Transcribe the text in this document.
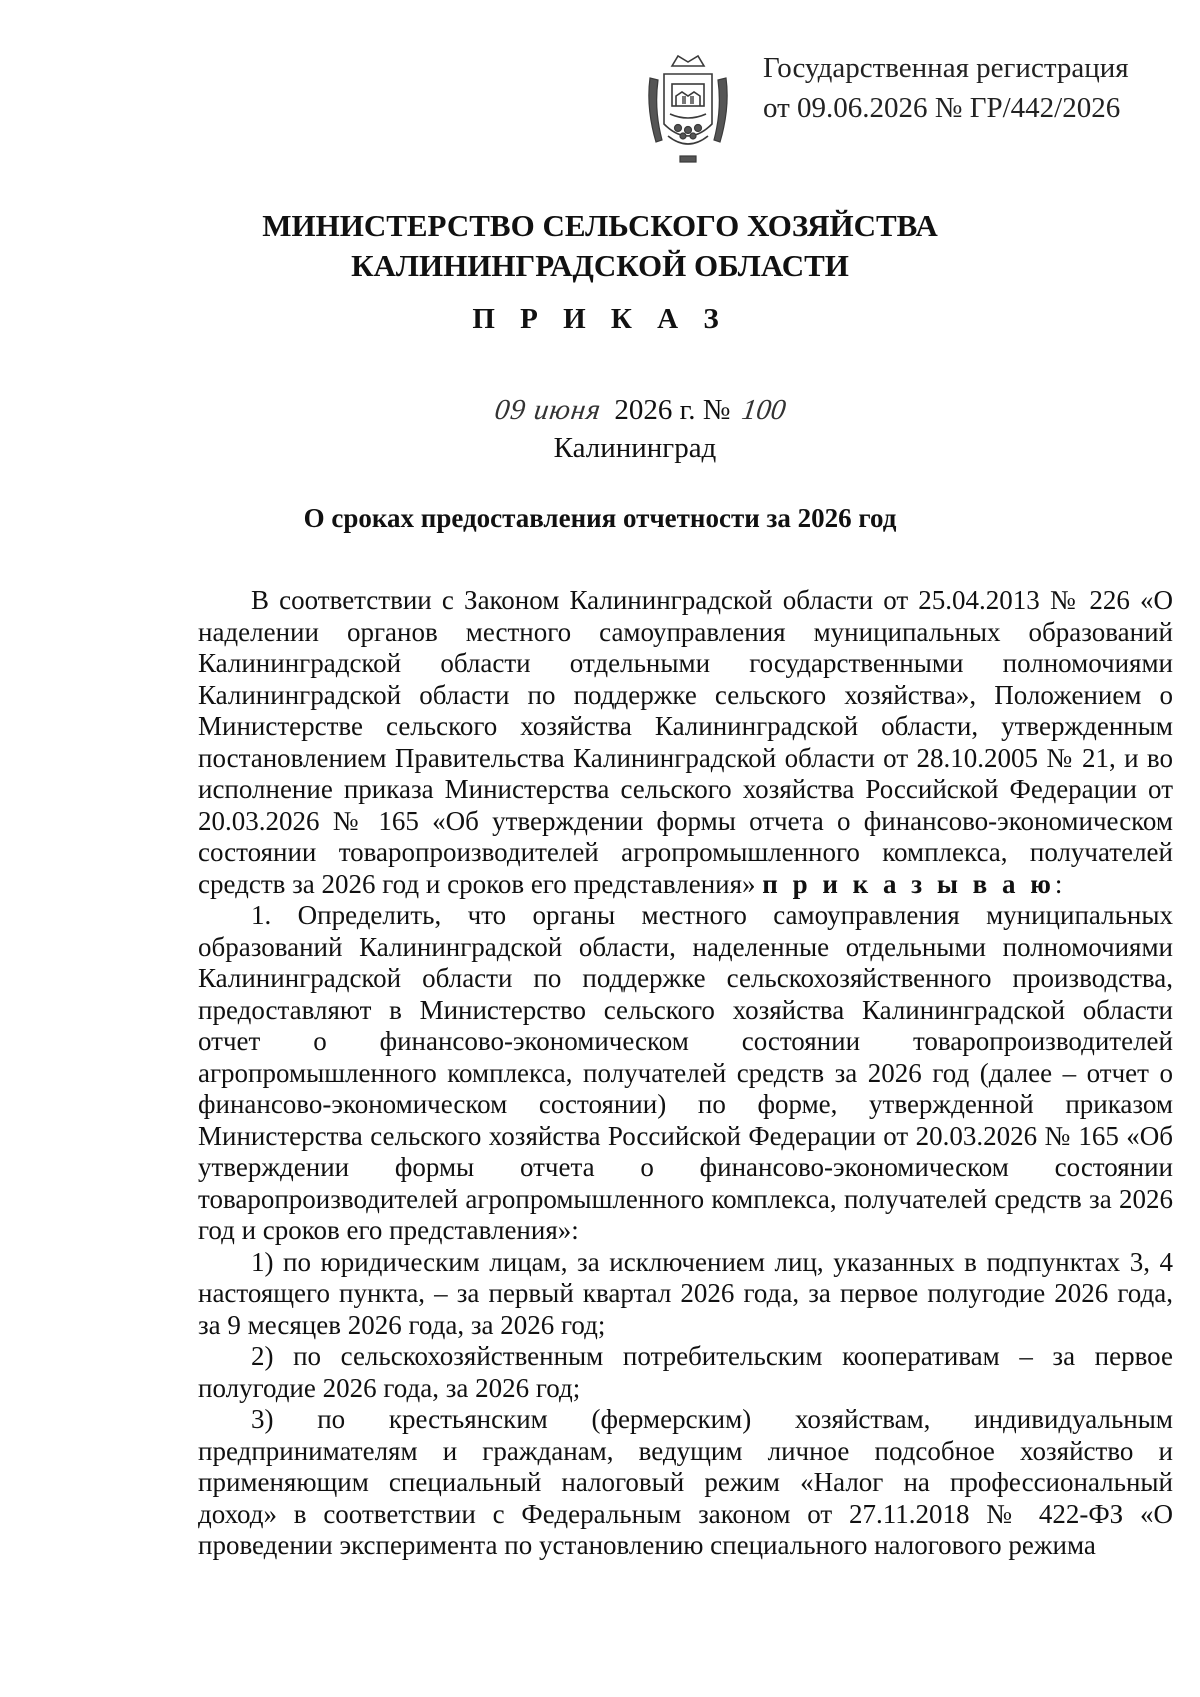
Государственная регистрация
от 09.06.2026 № ГР/442/2026
МИНИСТЕРСТВО СЕЛЬСКОГО ХОЗЯЙСТВА
КАЛИНИНГРАДСКОЙ ОБЛАСТИ
П Р И К А З
09 июня 2026 г. № 100
Калининград
О сроках предоставления отчетности за 2026 год

В соответствии с Законом Калининградской области от 25.04.2013 № 226 «О наделении органов местного самоуправления муниципальных образований Калининградской области отдельными государственными полномочиями Калининградской области по поддержке сельского хозяйства», Положением о Министерстве сельского хозяйства Калининградской области, утвержденным постановлением Правительства Калининградской области от 28.10.2005 № 21, и во исполнение приказа Министерства сельского хозяйства Российской Федерации от 20.03.2026 № 165 «Об утверждении формы отчета о финансово-экономическом состоянии товаропроизводителей агропромышленного комплекса, получателей средств за 2026 год и сроков его представления» п р и к а з ы в а ю:

1. Определить, что органы местного самоуправления муниципальных образований Калининградской области, наделенные отдельными полномочиями Калининградской области по поддержке сельскохозяйственного производства, предоставляют в Министерство сельского хозяйства Калининградской области отчет о финансово-экономическом состоянии товаропроизводителей агропромышленного комплекса, получателей средств за 2026 год (далее – отчет о финансово-экономическом состоянии) по форме, утвержденной приказом Министерства сельского хозяйства Российской Федерации от 20.03.2026 № 165 «Об утверждении формы отчета о финансово-экономическом состоянии товаропроизводителей агропромышленного комплекса, получателей средств за 2026 год и сроков его представления»:

1) по юридическим лицам, за исключением лиц, указанных в подпунктах 3, 4 настоящего пункта, – за первый квартал 2026 года, за первое полугодие 2026 года, за 9 месяцев 2026 года, за 2026 год;

2) по сельскохозяйственным потребительским кооперативам – за первое полугодие 2026 года, за 2026 год;

3) по крестьянским (фермерским) хозяйствам, индивидуальным предпринимателям и гражданам, ведущим личное подсобное хозяйство и применяющим специальный налоговый режим «Налог на профессиональный доход» в соответствии с Федеральным законом от 27.11.2018 № 422-ФЗ «О проведении эксперимента по установлению специального налогового режима
